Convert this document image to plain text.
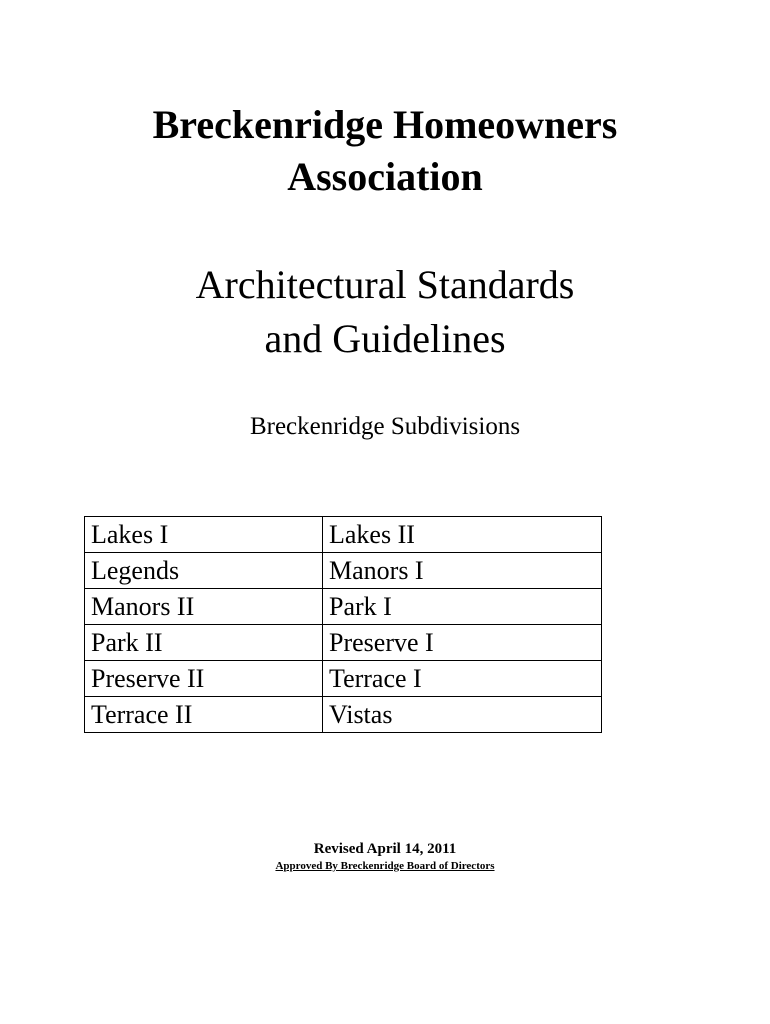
Breckenridge Homeowners
Association
Architectural Standards
and Guidelines

Breckenridge Subdivisions

Lakes I	Lakes II
Legends	Manors I
Manors II	Park I
Park II	Preserve I
Preserve II	Terrace I
Terrace II	Vistas

Revised April 14, 2011

Approved By Breckenridge Board of Directors
